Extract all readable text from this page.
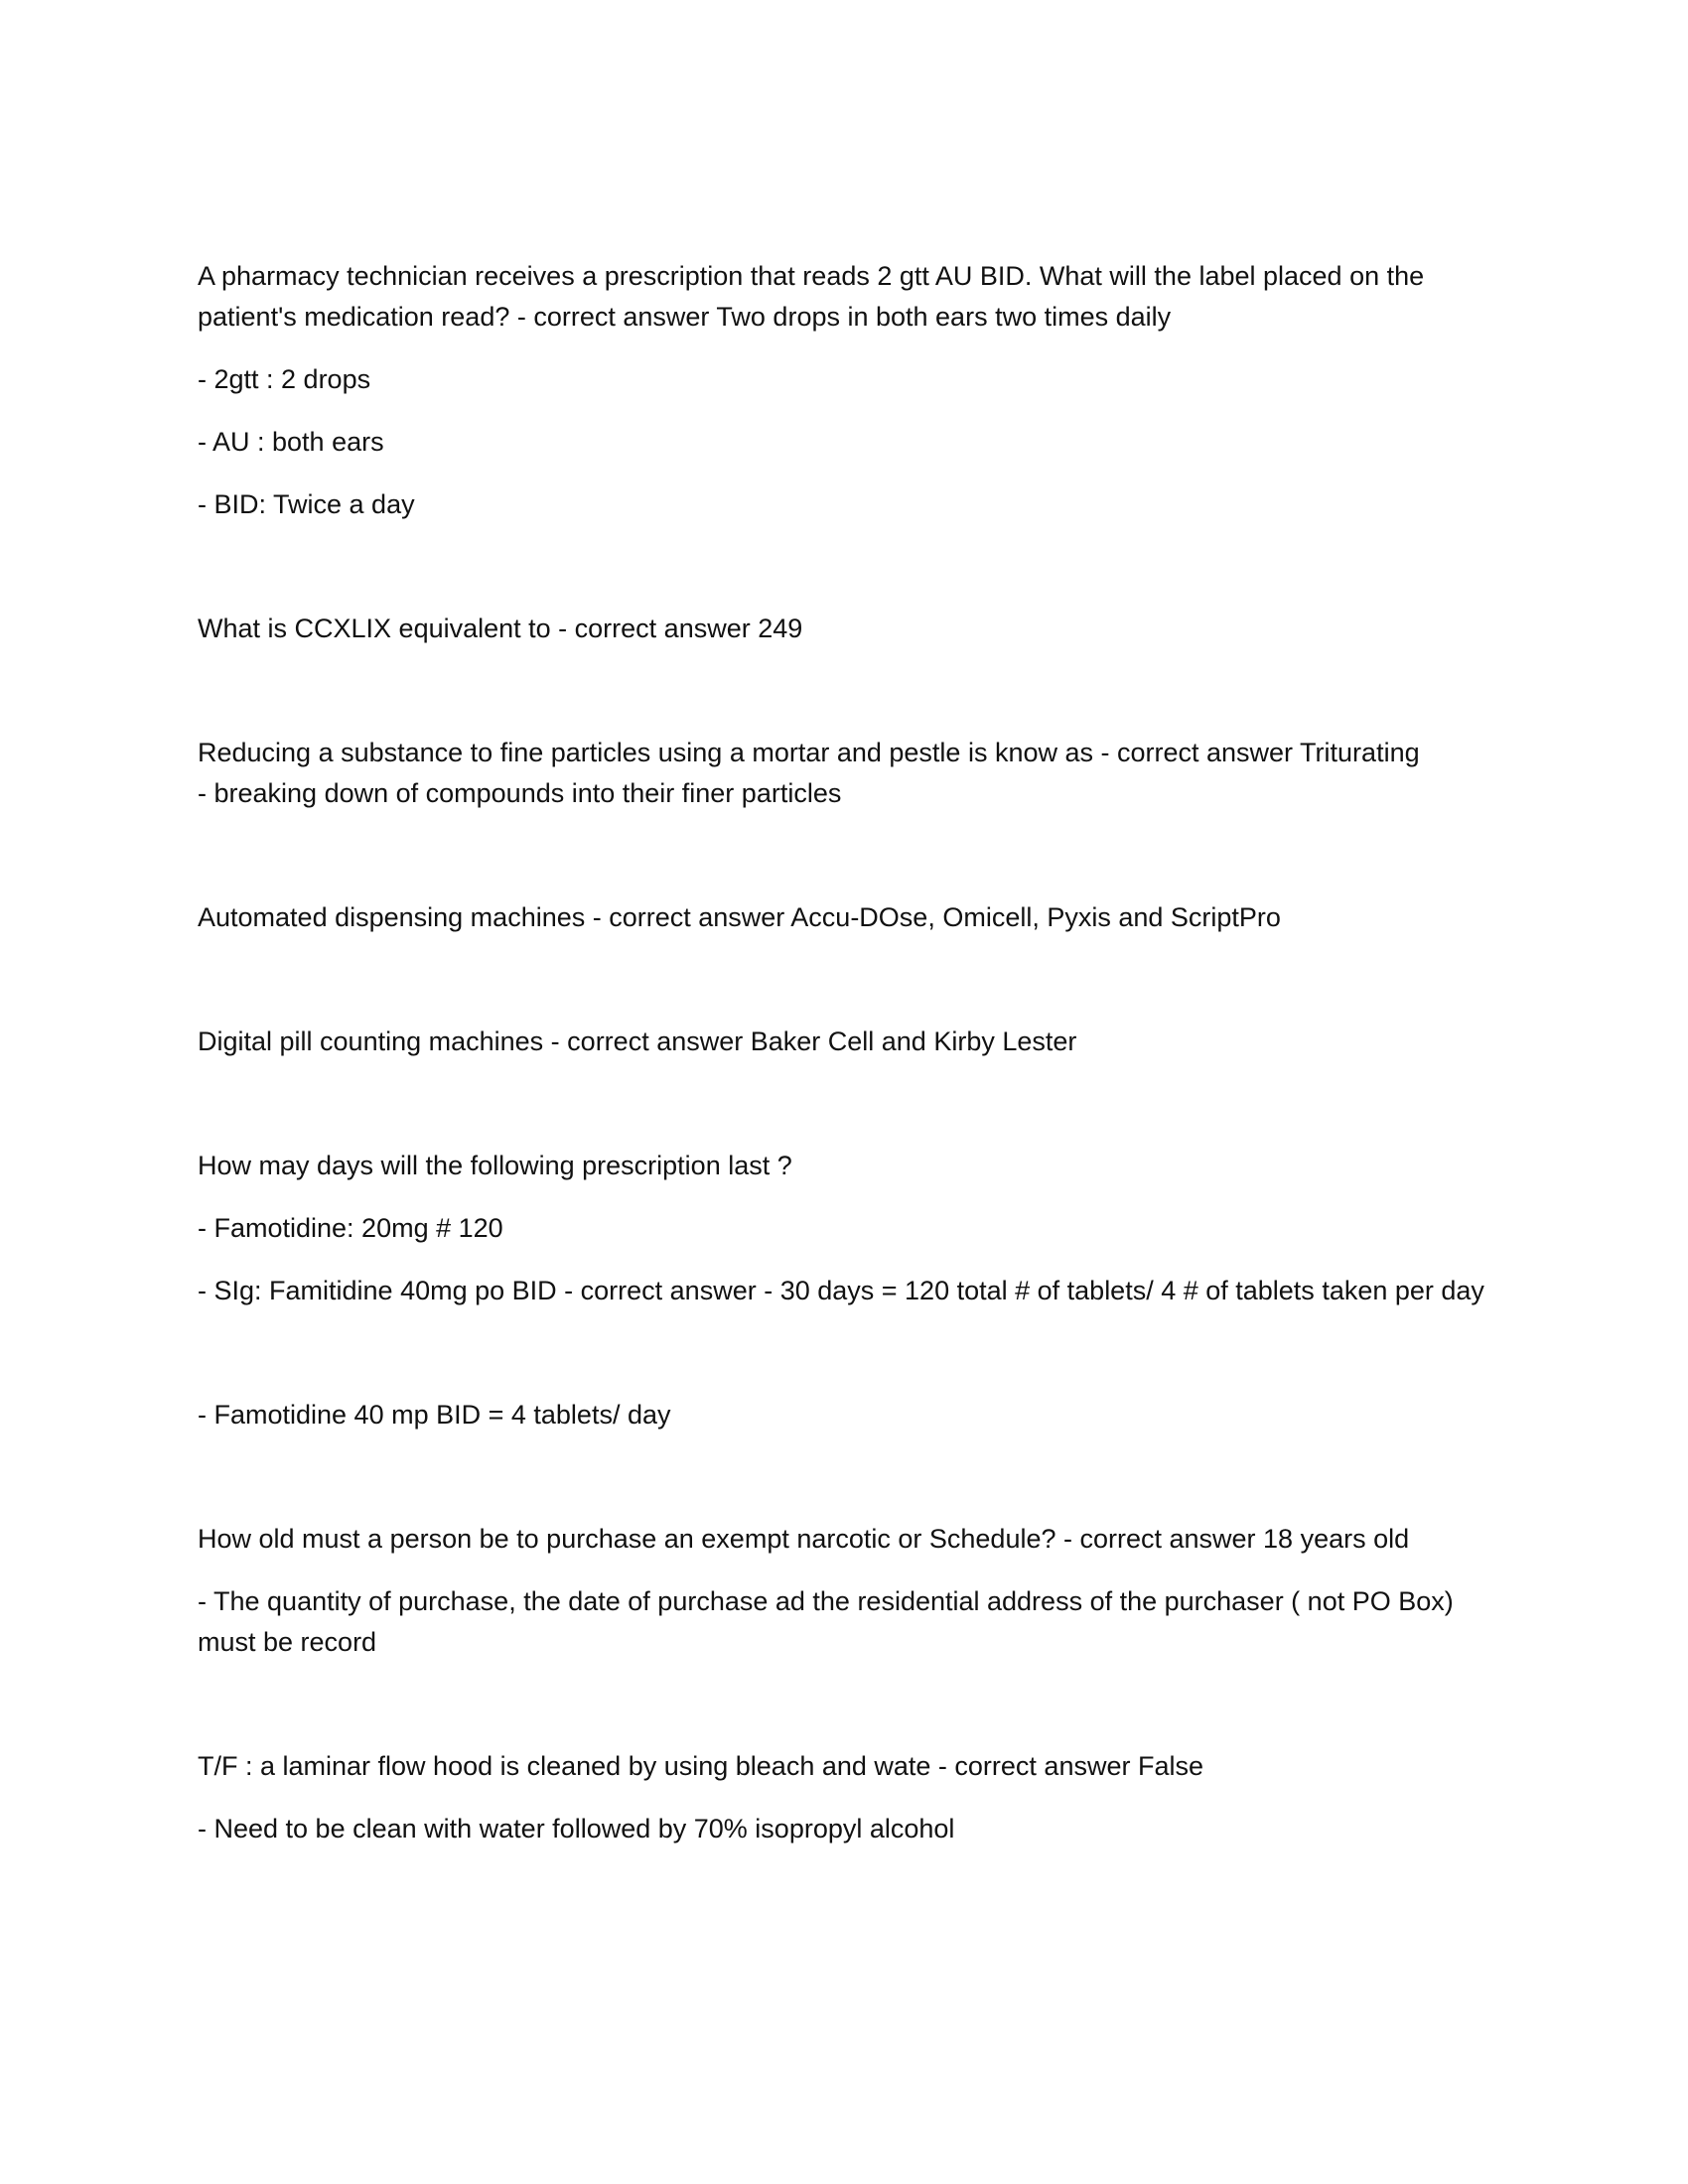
A pharmacy technician receives a prescription that reads 2 gtt AU BID. What will the label placed on the patient's medication read? - correct answer Two drops in both ears two times daily

- 2gtt : 2 drops

- AU : both ears

- BID: Twice a day

What is CCXLIX equivalent to - correct answer 249

Reducing a substance to fine particles using a mortar and pestle is know as - correct answer Triturating

- breaking down of compounds into their finer particles

Automated dispensing machines - correct answer Accu-DOse, Omicell, Pyxis and ScriptPro

Digital pill counting machines - correct answer Baker Cell and Kirby Lester

How may days will the following prescription last ?

- Famotidine: 20mg # 120

- SIg: Famitidine 40mg po BID - correct answer - 30 days = 120 total # of tablets/ 4 # of tablets taken per day

- Famotidine 40 mp BID = 4 tablets/ day

How old must a person be to purchase an exempt narcotic or Schedule? - correct answer 18 years old

- The quantity of purchase, the date of purchase ad the residential address of the purchaser ( not PO Box) must be record

T/F : a laminar flow hood is cleaned by using bleach and wate - correct answer False

- Need to be clean with water followed by 70% isopropyl alcohol
